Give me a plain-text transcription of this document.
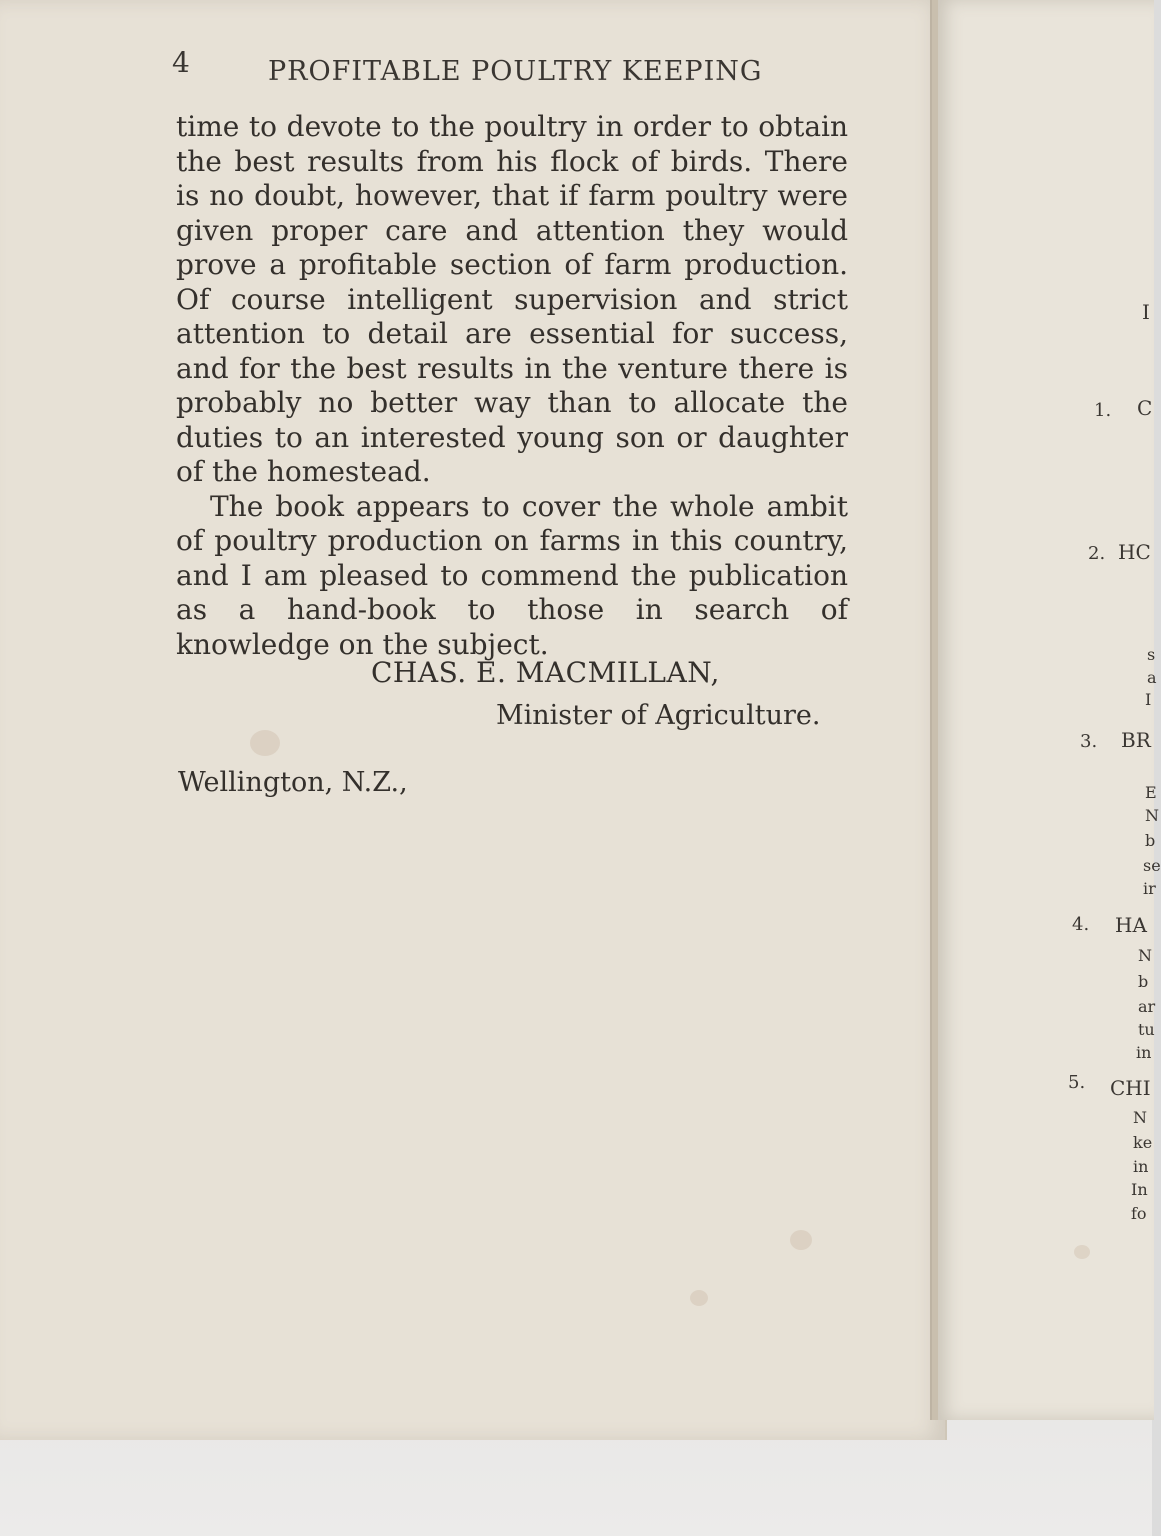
4	PROFITABLE POULTRY KEEPING

time to devote to the poultry in order to obtain the best results from his flock of birds. There is no doubt, however, that if farm poultry were given proper care and attention they would prove a profitable section of farm production. Of course intelligent supervision and strict attention to detail are essential for success, and for the best results in the venture there is probably no better way than to allocate the duties to an interested young son or daughter of the homestead.

The book appears to cover the whole ambit of poultry production on farms in this country, and I am pleased to commend the publication as a hand-book to those in search of knowledge on the subject.

CHAS. E. MACMILLAN,
Minister of Agriculture.
Wellington, N.Z.,
I
1. C
2. HC
s
a
I
3. BR
E
N
b
se
ir
4. HA
N
b
ar
tu
in
5. CHI
N
ke
in
In
fo
